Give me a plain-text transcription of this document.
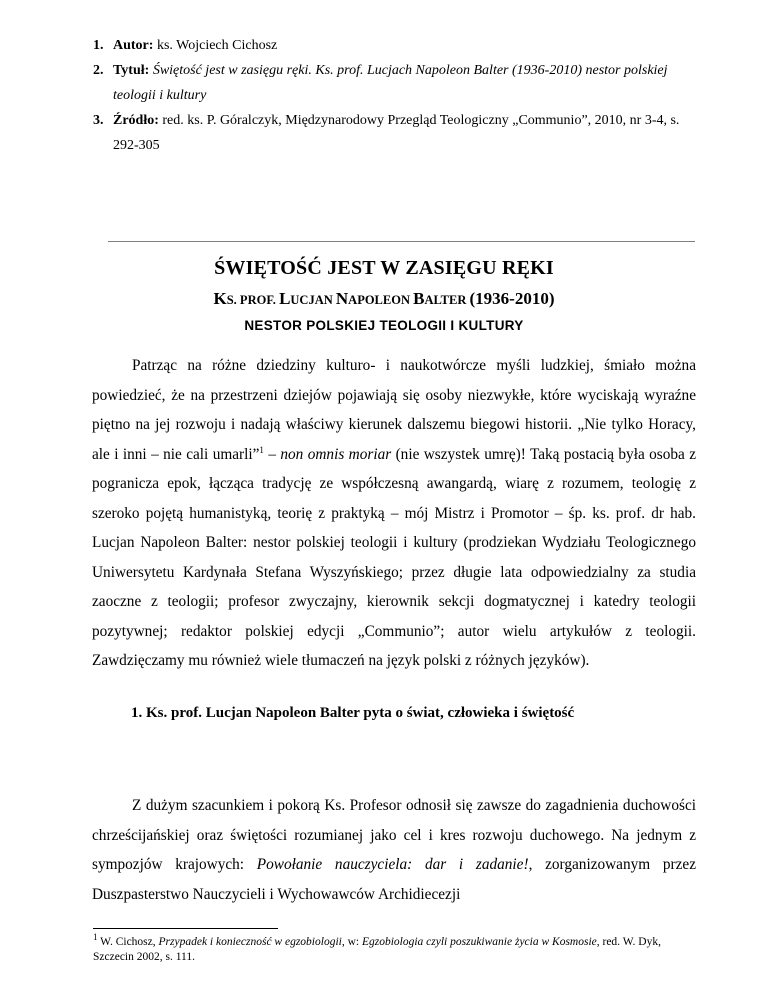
1. Autor: ks. Wojciech Cichosz
2. Tytuł: Świętość jest w zasięgu ręki. Ks. prof. Lucjach Napoleon Balter (1936-2010) nestor polskiej teologii i kultury
3. Źródło: red. ks. P. Góralczyk, Międzynarodowy Przegląd Teologiczny „Communio”, 2010, nr 3-4, s. 292-305
ŚWIĘTOŚĆ JEST W ZASIĘGU RĘKI
KS. PROF. LUCJAN NAPOLEON BALTER (1936-2010)
NESTOR POLSKIEJ TEOLOGII I KULTURY
Patrząc na różne dziedziny kulturo- i naukotwórcze myśli ludzkiej, śmiało można powiedzieć, że na przestrzeni dziejów pojawiają się osoby niezwykłe, które wyciskają wyraźne piętno na jej rozwoju i nadają właściwy kierunek dalszemu biegowi historii. „Nie tylko Horacy, ale i inni – nie cali umarli”$^1$ – non omnis moriar (nie wszystek umrę)! Taką postacią była osoba z pogranicza epok, łącząca tradycję ze współczesną awangardą, wiarę z rozumem, teologię z szeroko pojętą humanistyką, teorię z praktyką – mój Mistrz i Promotor – śp. ks. prof. dr hab. Lucjan Napoleon Balter: nestor polskiej teologii i kultury (prodziekan Wydziału Teologicznego Uniwersytetu Kardynała Stefana Wyszyńskiego; przez długie lata odpowiedzialny za studia zaoczne z teologii; profesor zwyczajny, kierownik sekcji dogmatycznej i katedry teologii pozytywnej; redaktor polskiej edycji „Communio”; autor wielu artykułów z teologii. Zawdzięczamy mu również wiele tłumaczeń na język polski z różnych języków).
1. Ks. prof. Lucjan Napoleon Balter pyta o świat, człowieka i świętość
Z dużym szacunkiem i pokorą Ks. Profesor odnosił się zawsze do zagadnienia duchowości chrześcijańskiej oraz świętości rozumianej jako cel i kres rozwoju duchowego. Na jednym z sympozjów krajowych: Powołanie nauczyciela: dar i zadanie!, zorganizowanym przez Duszpasterstwo Nauczycieli i Wychowawców Archidiecezji
$^1$ W. Cichosz, Przypadek i konieczność w egzobiologii, w: Egzobiologia czyli poszukiwanie życia w Kosmosie, red. W. Dyk, Szczecin 2002, s. 111.
